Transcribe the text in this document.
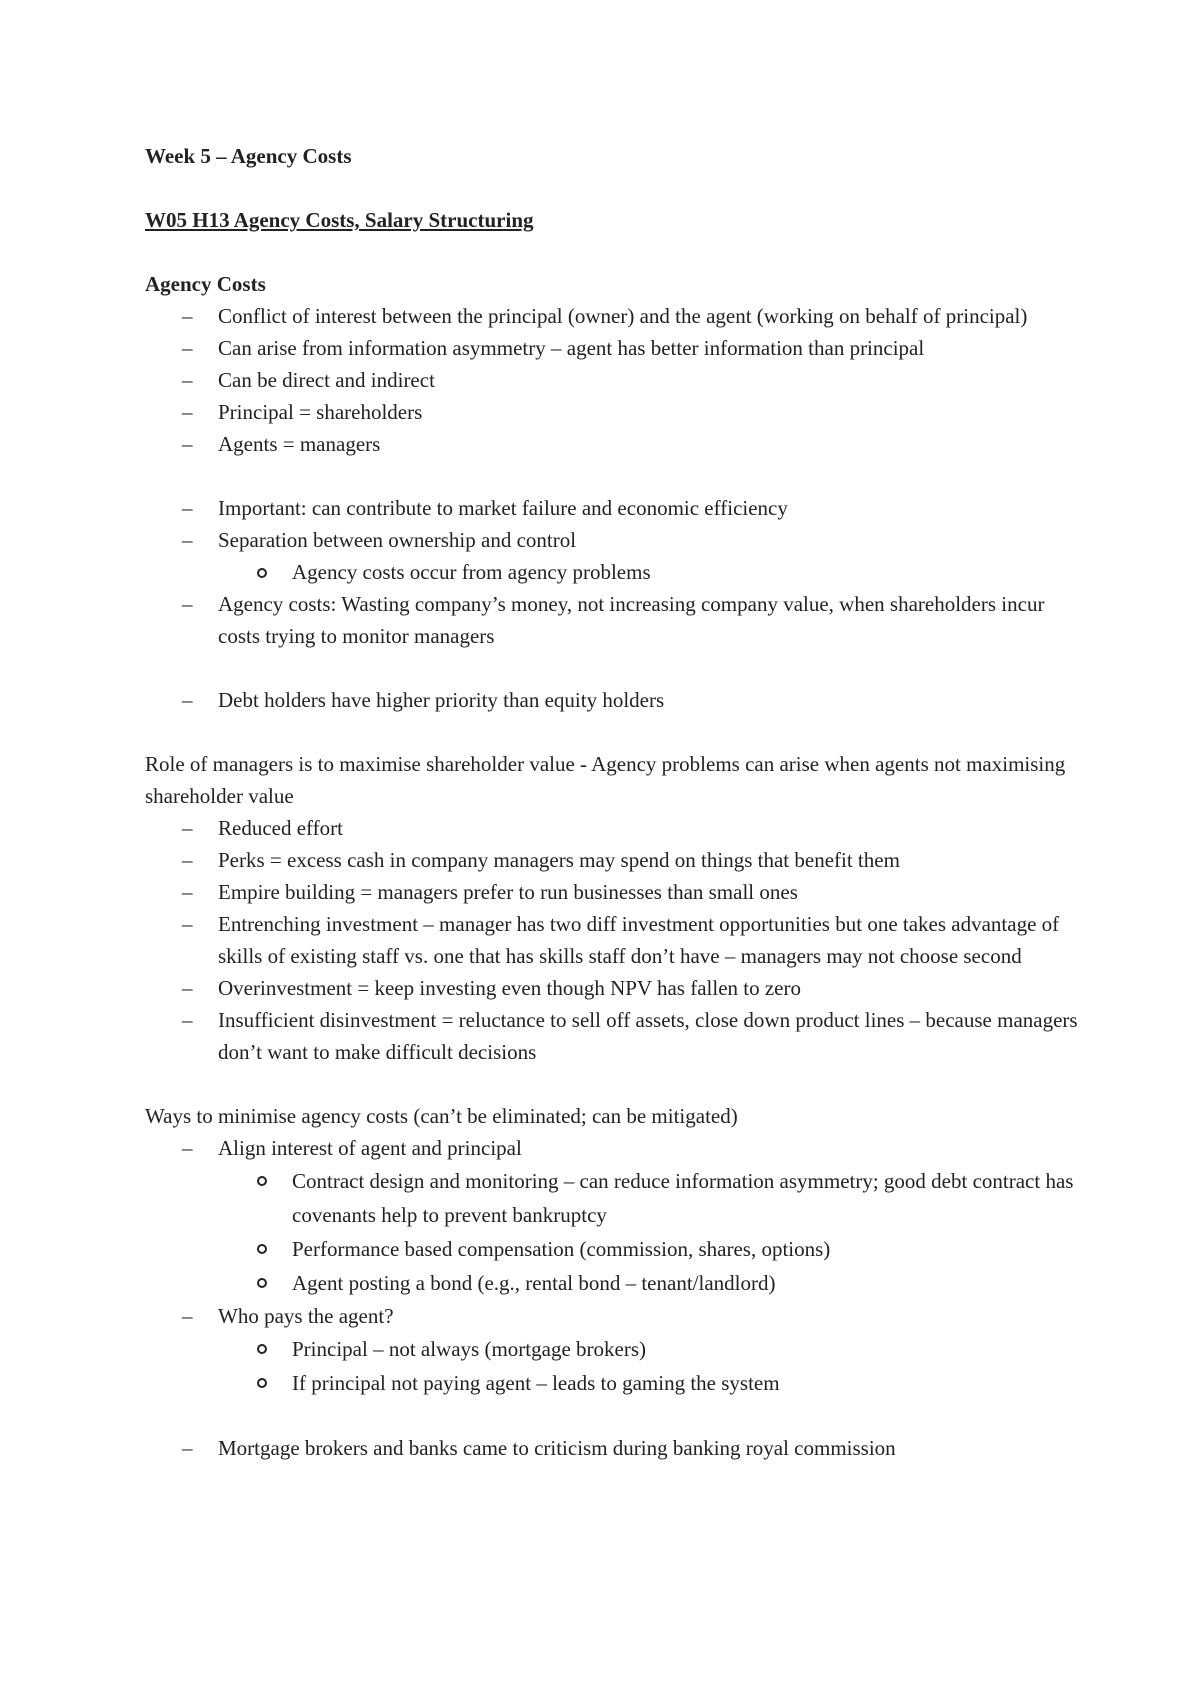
Week 5 – Agency Costs

W05 H13 Agency Costs, Salary Structuring

Agency Costs

– Conflict of interest between the principal (owner) and the agent (working on behalf of principal)

– Can arise from information asymmetry – agent has better information than principal

– Can be direct and indirect

– Principal = shareholders

– Agents = managers

– Important: can contribute to market failure and economic efficiency

– Separation between ownership and control

Agency costs occur from agency problems

– Agency costs: Wasting company’s money, not increasing company value, when shareholders incur costs trying to monitor managers

– Debt holders have higher priority than equity holders

Role of managers is to maximise shareholder value - Agency problems can arise when agents not maximising shareholder value

– Reduced effort

– Perks = excess cash in company managers may spend on things that benefit them

– Empire building = managers prefer to run businesses than small ones

– Entrenching investment – manager has two diff investment opportunities but one takes advantage of skills of existing staff vs. one that has skills staff don’t have – managers may not choose second

– Overinvestment = keep investing even though NPV has fallen to zero

– Insufficient disinvestment = reluctance to sell off assets, close down product lines – because managers don’t want to make difficult decisions

Ways to minimise agency costs (can’t be eliminated; can be mitigated)

– Align interest of agent and principal

Contract design and monitoring – can reduce information asymmetry; good debt contract has covenants help to prevent bankruptcy

Performance based compensation (commission, shares, options)

Agent posting a bond (e.g., rental bond – tenant/landlord)

– Who pays the agent?

Principal – not always (mortgage brokers)

If principal not paying agent – leads to gaming the system

– Mortgage brokers and banks came to criticism during banking royal commission
